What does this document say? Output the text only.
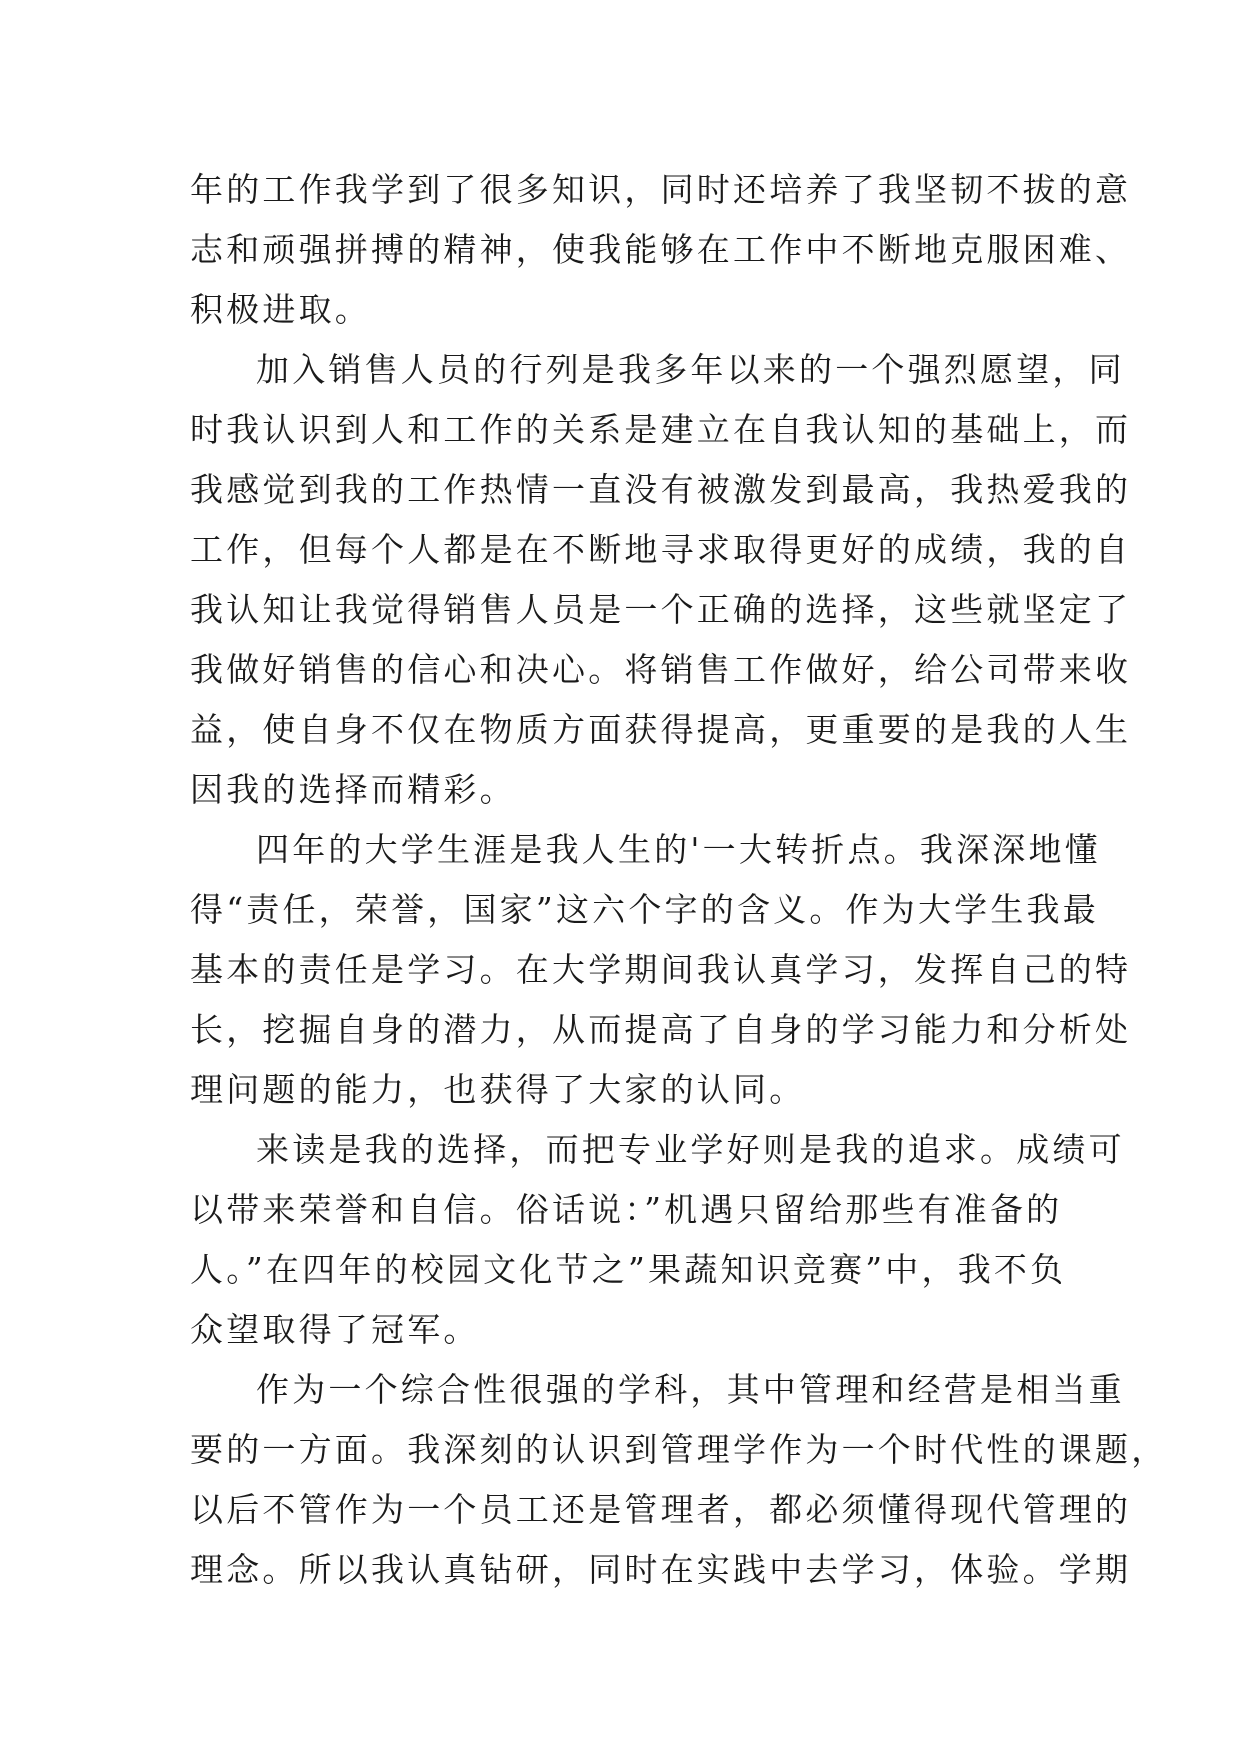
年的工作我学到了很多知识，同时还培养了我坚韧不拔的意
志和顽强拼搏的精神，使我能够在工作中不断地克服困难、
积极进取。
加入销售人员的行列是我多年以来的一个强烈愿望，同
时我认识到人和工作的关系是建立在自我认知的基础上，而
我感觉到我的工作热情一直没有被激发到最高，我热爱我的
工作，但每个人都是在不断地寻求取得更好的成绩，我的自
我认知让我觉得销售人员是一个正确的选择，这些就坚定了
我做好销售的信心和决心。将销售工作做好，给公司带来收
益，使自身不仅在物质方面获得提高，更重要的是我的人生
因我的选择而精彩。
四年的大学生涯是我人生的'一大转折点。我深深地懂
得“责任，荣誉，国家”这六个字的含义。作为大学生我最
基本的责任是学习。在大学期间我认真学习，发挥自己的特
长，挖掘自身的潜力，从而提高了自身的学习能力和分析处
理问题的能力，也获得了大家的认同。
来读是我的选择，而把专业学好则是我的追求。成绩可
以带来荣誉和自信。俗话说：”机遇只留给那些有准备的
人。”在四年的校园文化节之”果蔬知识竞赛”中，我不负
众望取得了冠军。
作为一个综合性很强的学科，其中管理和经营是相当重
要的一方面。我深刻的认识到管理学作为一个时代性的课题，
以后不管作为一个员工还是管理者，都必须懂得现代管理的
理念。所以我认真钻研，同时在实践中去学习，体验。学期
